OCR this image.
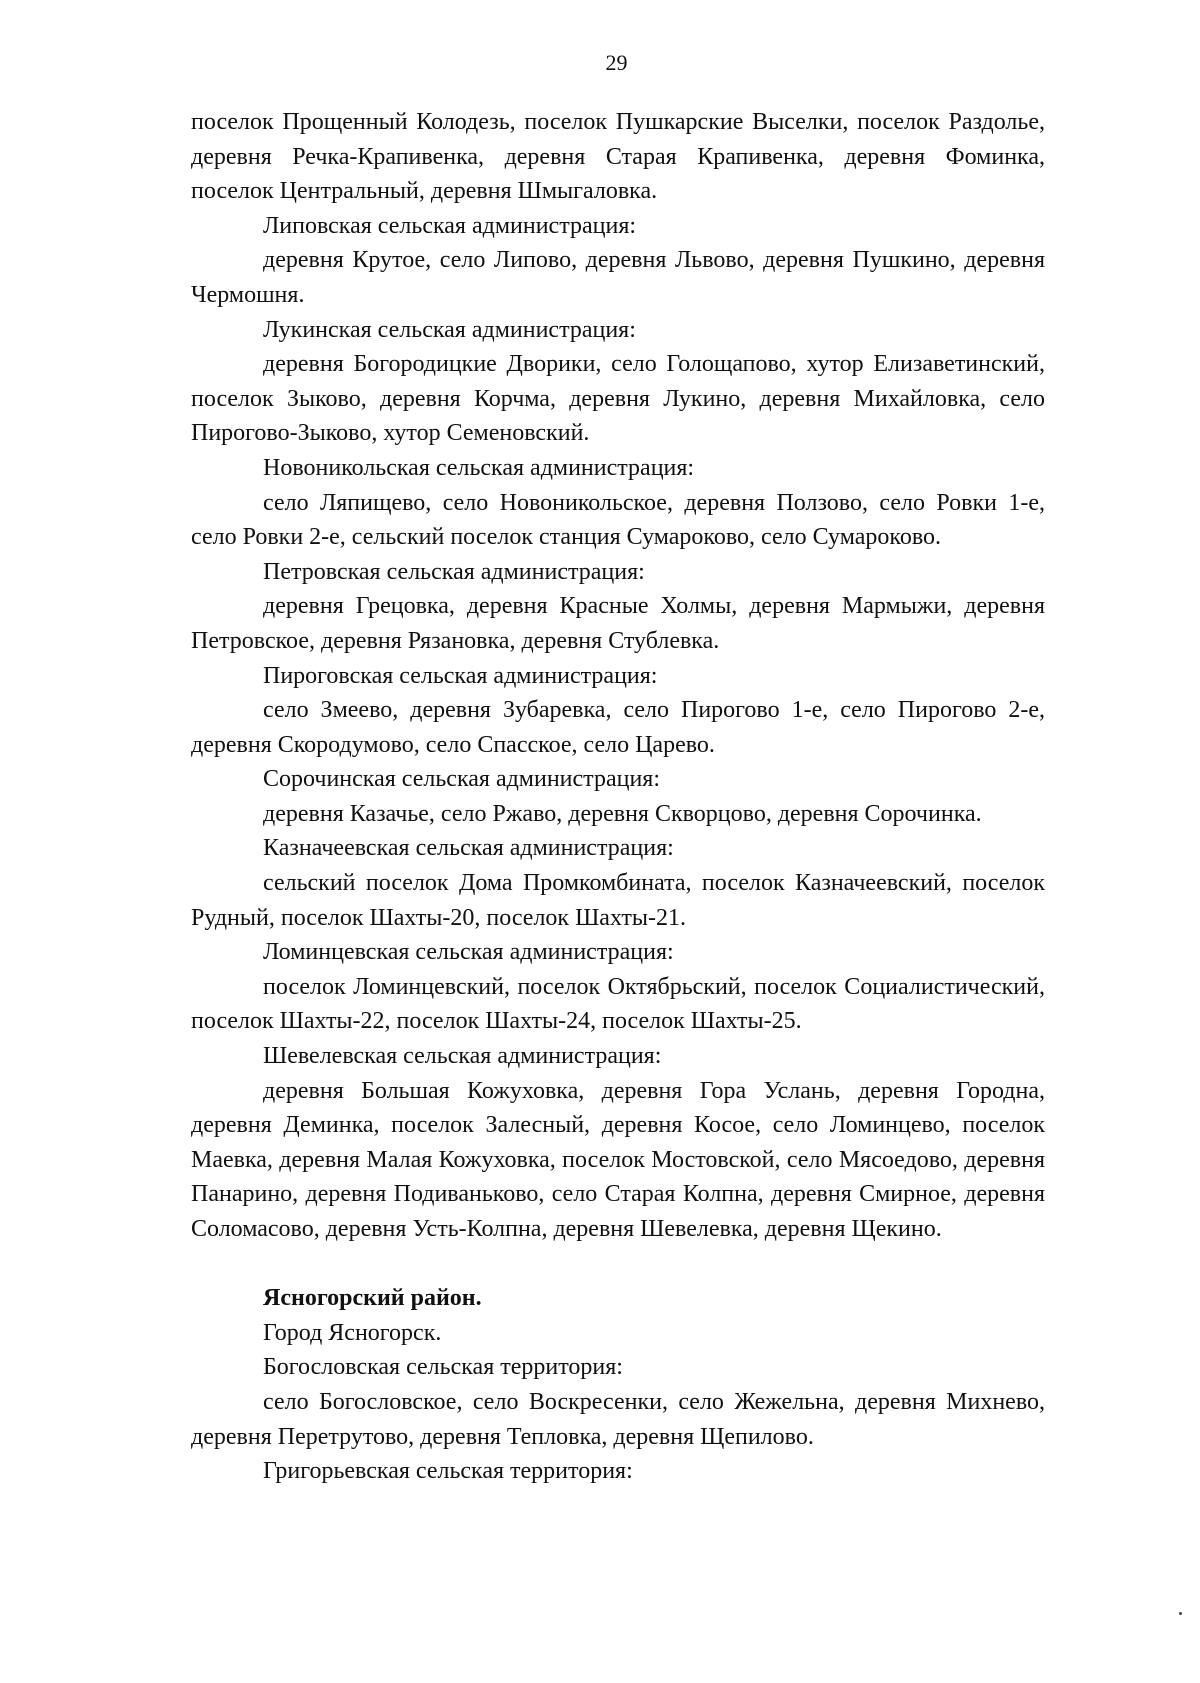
29

поселок Прощенный Колодезь, поселок Пушкарские Выселки, поселок Раздолье, деревня Речка-Крапивенка, деревня Старая Крапивенка, деревня Фоминка, поселок Центральный, деревня Шмыгаловка.

Липовская сельская администрация:

деревня Крутое, село Липово, деревня Львово, деревня Пушкино, деревня Чермошня.

Лукинская сельская администрация:

деревня Богородицкие Дворики, село Голощапово, хутор Елизаветинский, поселок Зыково, деревня Корчма, деревня Лукино, деревня Михайловка, село Пирогово-Зыково, хутор Семеновский.

Новоникольская сельская администрация:

село Ляпищево, село Новоникольское, деревня Ползово, село Ровки 1-е, село Ровки 2-е, сельский поселок станция Сумароково, село Сумароково.

Петровская сельская администрация:

деревня Грецовка, деревня Красные Холмы, деревня Мармыжи, деревня Петровское, деревня Рязановка, деревня Стублевка.

Пироговская сельская администрация:

село Змеево, деревня Зубаревка, село Пирогово 1-е, село Пирогово 2-е, деревня Скородумово, село Спасское, село Царево.

Сорочинская сельская администрация:

деревня Казачье, село Ржаво, деревня Скворцово, деревня Сорочинка.

Казначеевская сельская администрация:

сельский поселок Дома Промкомбината, поселок Казначеевский, поселок Рудный, поселок Шахты-20, поселок Шахты-21.

Ломинцевская сельская администрация:

поселок Ломинцевский, поселок Октябрьский, поселок Социалистический, поселок Шахты-22, поселок Шахты-24, поселок Шахты-25.

Шевелевская сельская администрация:

деревня Большая Кожуховка, деревня Гора Услань, деревня Городна, деревня Деминка, поселок Залесный, деревня Косое, село Ломинцево, поселок Маевка, деревня Малая Кожуховка, поселок Мостовской, село Мясоедово, деревня Панарино, деревня Подиваньково, село Старая Колпна, деревня Смирное, деревня Соломасово, деревня Усть-Колпна, деревня Шевелевка, деревня Щекино.

Ясногорский район.

Город Ясногорск.

Богословская сельская территория:

село Богословское, село Воскресенки, село Жежельна, деревня Михнево, деревня Перетрутово, деревня Тепловка, деревня Щепилово.

Григорьевская сельская территория:
